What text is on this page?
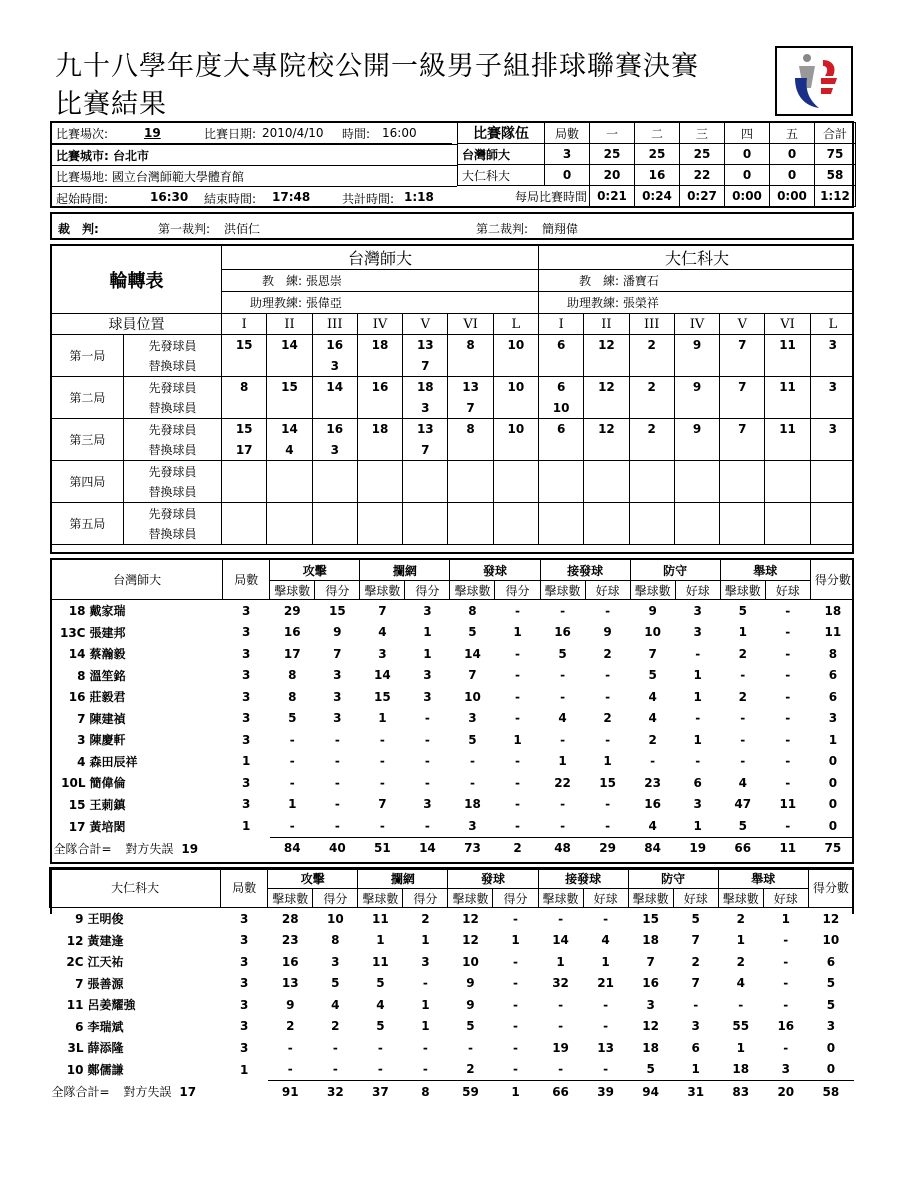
九十八學年度大專院校公開一級男子組排球聯賽決賽
比賽結果
比賽場次:	19	比賽日期:	2010/4/10	時間:	16:00
比賽城市: 台北市
比賽場地: 國立台灣師範大學體育館
起始時間:	16:30 結束時間: 17:48	共計時間: 1:18
比賽隊伍	局數	一	二	三	四	五	合計
台灣師大	3	25	25	25	0	0	75
大仁科大	0	20	16	22	0	0	58
每局比賽時間		0:21	0:24	0:27	0:00	0:00	1:12
裁　判:	第一裁判: 洪佰仁	第二裁判: 簡翔偉
輪轉表		台灣師大							大仁科大						
		教　練: 張恩崇							教　練: 潘寶石						
		助理教練: 張偉亞							助理教練: 張榮祥						
球員位置		I	II	III	IV	V	VI	L	I	II	III	IV	V	VI	L
第一局	先發球員	15	14	16	18	13	8	10	6	12	2	9	7	11	3
	替換球員			3		7									
第二局	先發球員	8	15	14	16	18	13	10	6	12	2	9	7	11	3
	替換球員					3	7		10						
第三局	先發球員	15	14	16	18	13	8	10	6	12	2	9	7	11	3
	替換球員	17	4	3		7									
第四局	先發球員														
	替換球員														
第五局	先發球員														
	替換球員														
台灣師大	局數	攻擊		攔網		發球		接發球		防守		舉球		得分數
		擊球數	得分	擊球數	得分	擊球數	得分	擊球數	好球	擊球數	好球	擊球數	好球	
18 戴家瑞	3	29	15	7	3	8	-	-	-	9	3	5	-	18
13C 張建邦	3	16	9	4	1	5	1	16	9	10	3	1	-	11
14 蔡瀚毅	3	17	7	3	1	14	-	5	2	7	-	2	-	8
8 溫笙銘	3	8	3	14	3	7	-	-	-	5	1	-	-	6
16 莊毅君	3	8	3	15	3	10	-	-	-	4	1	2	-	6
7 陳建禎	3	5	3	1	-	3	-	4	2	4	-	-	-	3
3 陳慶軒	3	-	-	-	-	5	1	-	-	2	1	-	-	1
4 森田辰祥	1	-	-	-	-	-	-	1	1	-	-	-	-	0
10L 簡偉倫	3	-	-	-	-	-	-	22	15	23	6	4	-	0
15 王莿鎮	3	1	-	7	3	18	-	-	-	16	3	47	11	0
17 黃培閎	1	-	-	-	-	3	-	-	-	4	1	5	-	0
全隊合計= 對方失誤 19		84	40	51	14	73	2	48	29	84	19	66	11	75
大仁科大	局數	攻擊		攔網		發球		接發球		防守		舉球		得分數
		擊球數	得分	擊球數	得分	擊球數	得分	擊球數	好球	擊球數	好球	擊球數	好球	
9 王明俊	3	28	10	11	2	12	-	-	-	15	5	2	1	12
12 黃建逢	3	23	8	1	1	12	1	14	4	18	7	1	-	10
2C 江天祐	3	16	3	11	3	10	-	1	1	7	2	2	-	6
7 張善源	3	13	5	5	-	9	-	32	21	16	7	4	-	5
11 呂姜耀強	3	9	4	4	1	9	-	-	-	3	-	-	-	5
6 李瑞斌	3	2	2	5	1	5	-	-	-	12	3	55	16	3
3L 薛添隆	3	-	-	-	-	-	-	19	13	18	6	1	-	0
10 鄭儒謙	1	-	-	-	-	2	-	-	-	5	1	18	3	0
全隊合計= 對方失誤 17		91	32	37	8	59	1	66	39	94	31	83	20	58
